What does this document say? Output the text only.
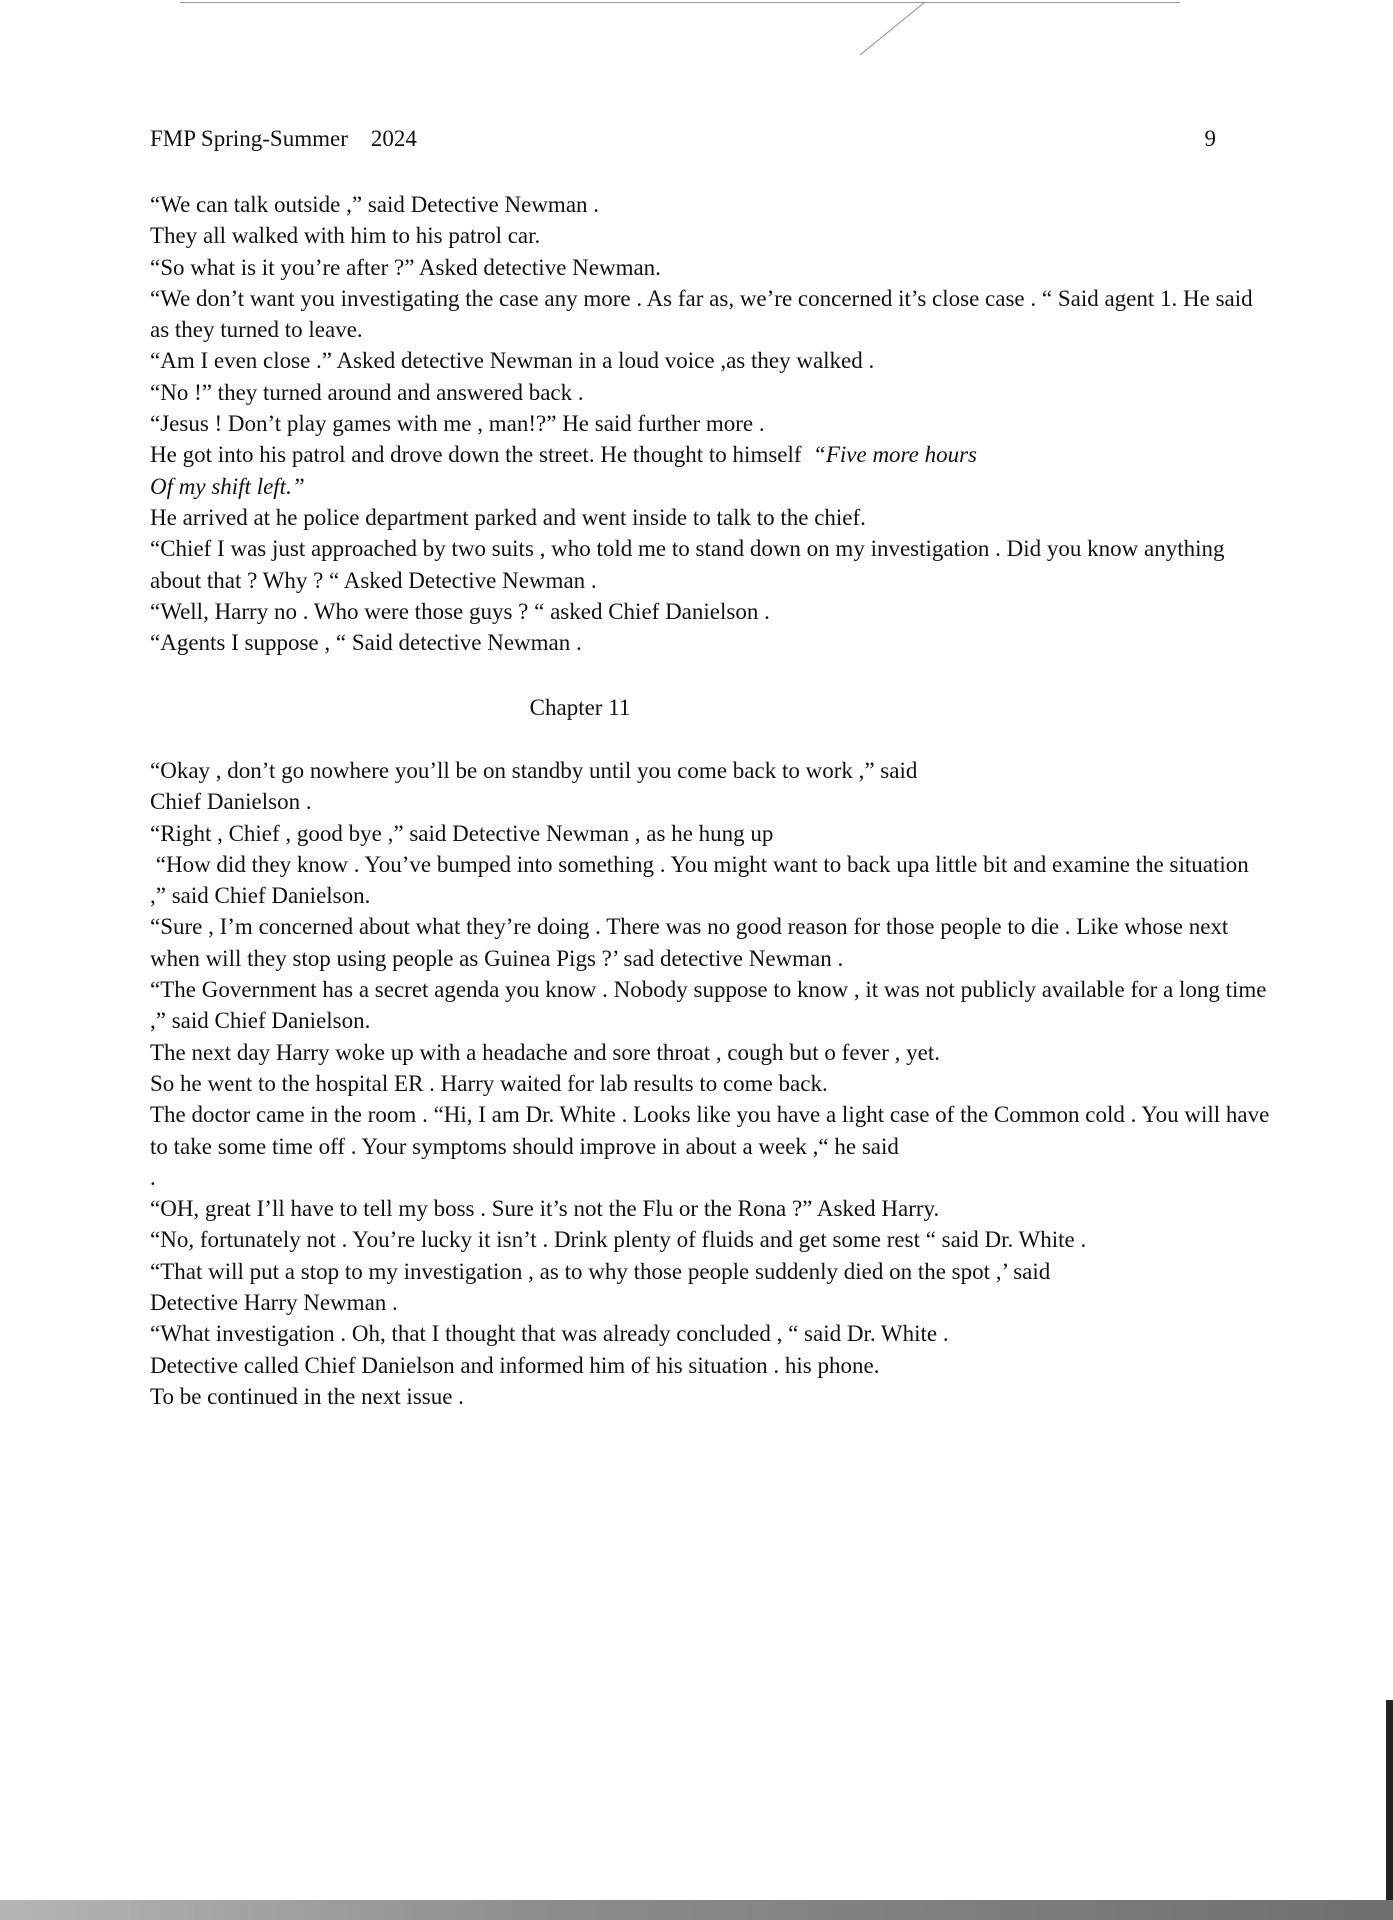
FMP Spring-Summer    2024	9

“We can talk outside ,” said Detective Newman .

They all walked with him to his patrol car.

“So what is it you’re after ?” Asked detective Newman.

“We don’t want you investigating the case any more . As far as, we’re concerned it’s close case . “ Said agent 1. He said as they turned to leave.

“Am I even close .” Asked detective Newman in a loud voice ,as they walked .

“No !” they turned around and answered back .

“Jesus ! Don’t play games with me , man!?” He said further more .

He got into his patrol and drove down the street. He thought to himself “Five more hours

Of my shift left.”

He arrived at he police department parked and went inside to talk to the chief.

“Chief I was just approached by two suits , who told me to stand down on my investigation . Did you know anything about that ? Why ? “ Asked Detective Newman .

“Well, Harry no . Who were those guys ? “ asked Chief Danielson .

“Agents I suppose , “ Said detective Newman .

Chapter 11

“Okay , don’t go nowhere you’ll be on standby until you come back to work ,” said

Chief Danielson .

“Right , Chief , good bye ,” said Detective Newman , as he hung up

“How did they know . You’ve bumped into something . You might want to back upa little bit and examine the situation ,” said Chief Danielson.

“Sure , I’m concerned about what they’re doing . There was no good reason for those people to die . Like whose next when will they stop using people as Guinea Pigs ?’ sad detective Newman .

“The Government has a secret agenda you know . Nobody suppose to know , it was not publicly available for a long time ,” said Chief Danielson.

The next day Harry woke up with a headache and sore throat , cough but o fever , yet.

So he went to the hospital ER . Harry waited for lab results to come back.

The doctor came in the room . “Hi, I am Dr. White . Looks like you have a light case of the Common cold . You will have to take some time off . Your symptoms should improve in about a week ,“ he said

.

“OH, great I’ll have to tell my boss . Sure it’s not the Flu or the Rona ?” Asked Harry.

“No, fortunately not . You’re lucky it isn’t . Drink plenty of fluids and get some rest “ said Dr. White .

“That will put a stop to my investigation , as to why those people suddenly died on the spot ,’ said

Detective Harry Newman .

“What investigation . Oh, that I thought that was already concluded , “ said Dr. White .

Detective called Chief Danielson and informed him of his situation . his phone.

To be continued in the next issue .
